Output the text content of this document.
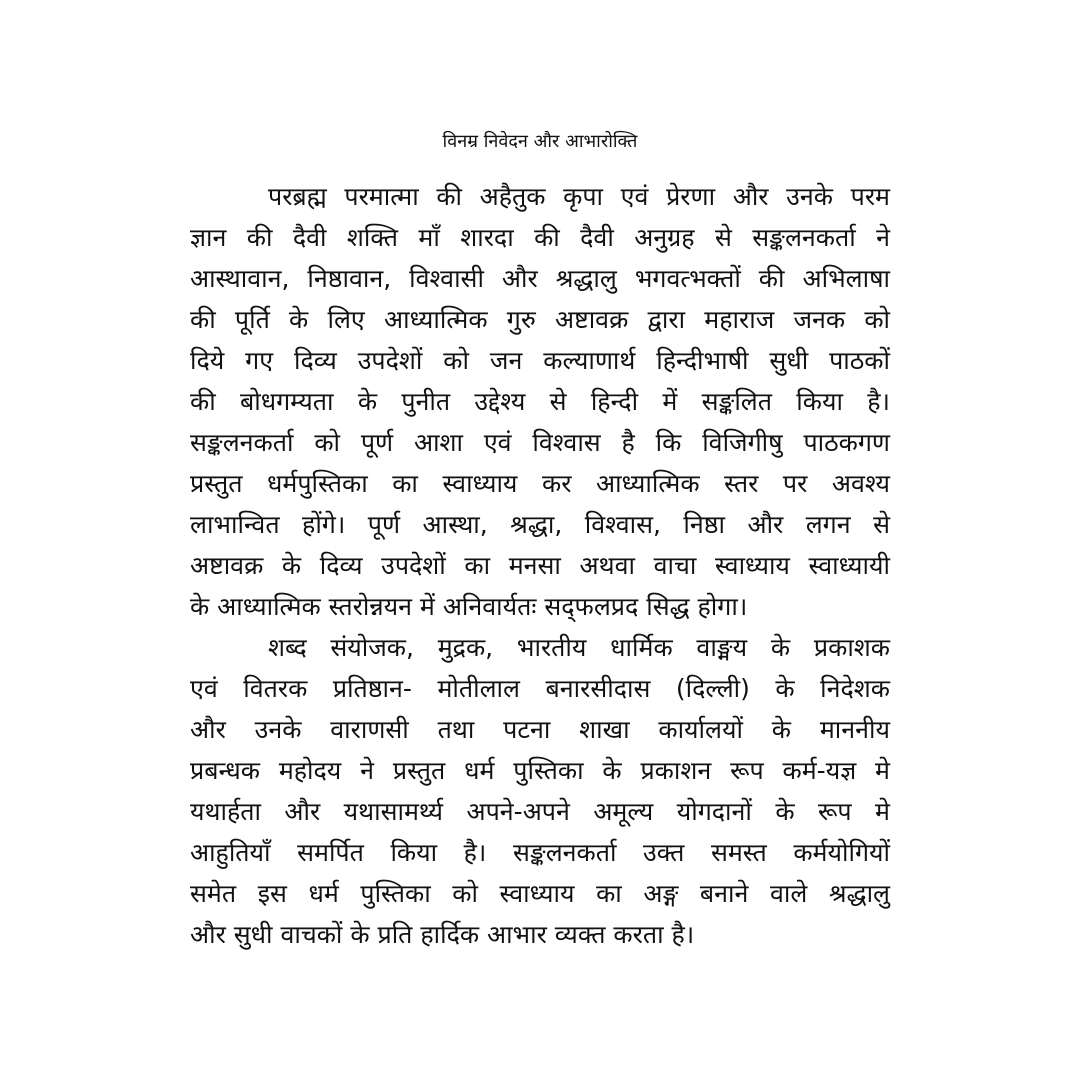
विनम्र निवेदन और आभारोक्ति
परब्रह्म परमात्मा की अहैतुक कृपा एवं प्रेरणा और उनके परम
ज्ञान की दैवी शक्ति माँ शारदा की दैवी अनुग्रह से सङ्कलनकर्ता ने
आस्थावान, निष्ठावान, विश्वासी और श्रद्धालु भगवत्भक्तों की अभिलाषा
की पूर्ति के लिए आध्यात्मिक गुरु अष्टावक्र द्वारा महाराज जनक को
दिये गए दिव्य उपदेशों को जन कल्याणार्थ हिन्दीभाषी सुधी पाठकों
की बोधगम्यता के पुनीत उद्देश्य से हिन्दी में सङ्कलित किया है।
सङ्कलनकर्ता को पूर्ण आशा एवं विश्वास है कि विजिगीषु पाठकगण
प्रस्तुत धर्मपुस्तिका का स्वाध्याय कर आध्यात्मिक स्तर पर अवश्य
लाभान्वित होंगे। पूर्ण आस्था, श्रद्धा, विश्वास, निष्ठा और लगन से
अष्टावक्र के दिव्य उपदेशों का मनसा अथवा वाचा स्वाध्याय स्वाध्यायी
के आध्यात्मिक स्तरोन्नयन में अनिवार्यतः सद्फलप्रद सिद्ध होगा।
शब्द संयोजक, मुद्रक, भारतीय धार्मिक वाङ्मय के प्रकाशक
एवं वितरक प्रतिष्ठान- मोतीलाल बनारसीदास (दिल्ली) के निदेशक
और उनके वाराणसी तथा पटना शाखा कार्यालयों के माननीय
प्रबन्धक महोदय ने प्रस्तुत धर्म पुस्तिका के प्रकाशन रूप कर्म-यज्ञ मे
यथार्हता और यथासामर्थ्य अपने-अपने अमूल्य योगदानों के रूप मे
आहुतियाँ समर्पित किया है। सङ्कलनकर्ता उक्त समस्त कर्मयोगियों
समेत इस धर्म पुस्तिका को स्वाध्याय का अङ्ग बनाने वाले श्रद्धालु
और सुधी वाचकों के प्रति हार्दिक आभार व्यक्त करता है।
